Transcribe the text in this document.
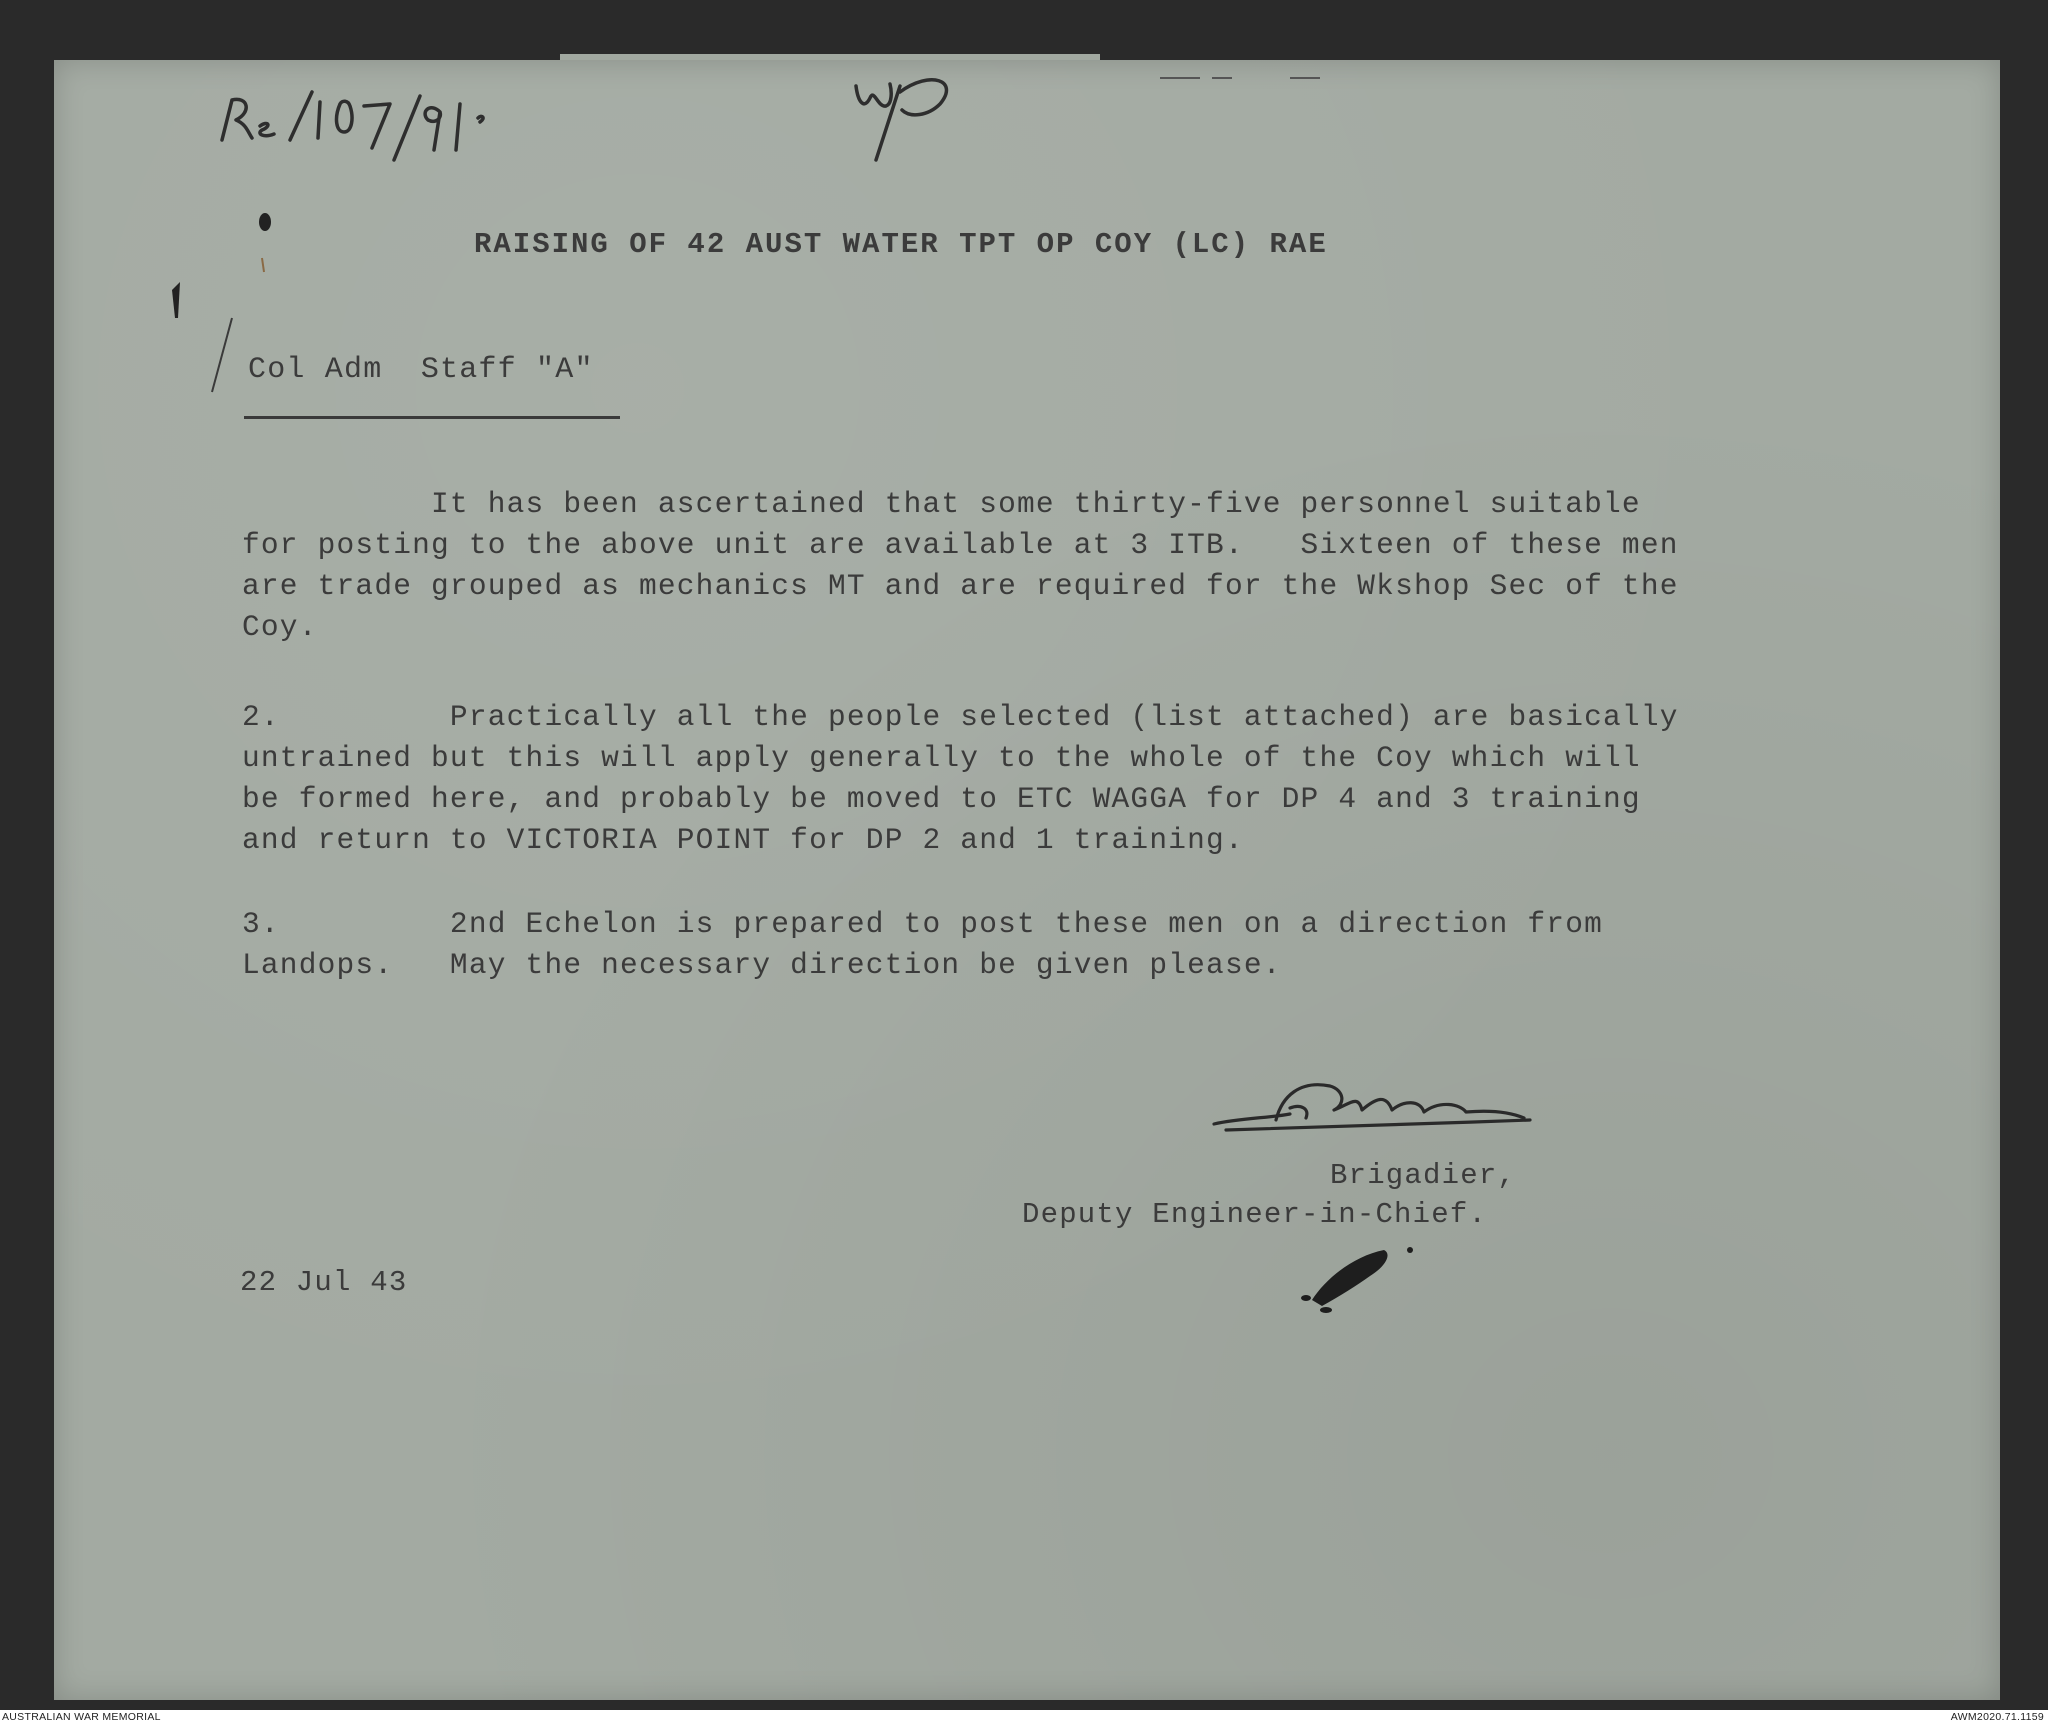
RAISING OF 42 AUST WATER TPT OP COY (LC) RAE

Col Adm  Staff "A"

It has been ascertained that some thirty-five personnel suitable
for posting to the above unit are available at 3 ITB.   Sixteen of these men
are trade grouped as mechanics MT and are required for the Wkshop Sec of the
Coy.

2.         Practically all the people selected (list attached) are basically
untrained but this will apply generally to the whole of the Coy which will
be formed here, and probably be moved to ETC WAGGA for DP 4 and 3 training
and return to VICTORIA POINT for DP 2 and 1 training.

3.         2nd Echelon is prepared to post these men on a direction from
Landops.   May the necessary direction be given please.

Brigadier,

Deputy Engineer-in-Chief.

22 Jul 43

AUSTRALIAN WAR MEMORIAL	AWM2020.71.1159
